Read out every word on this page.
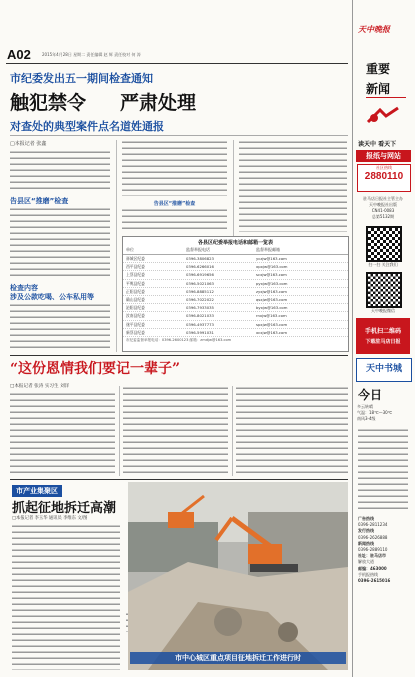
A02	2015年4月28日 星期二 责任编辑 赵 辉 责任校对 何 涛
天中晚报
重要
新闻
市纪委发出五一期间检查通知
触犯禁令 严肃处理
对查处的典型案件点名道姓通报
□本报记者 张鑫
告县区“推磨”检查
检查内容
涉及公款吃喝、公车私用等
告县区“推磨”检查
各县区纪委举报电话和邮箱一览表
单位	监督举报电话	监督举报邮箱
驿城区纪委	0396-3806823	yczjw@163.com
西平县纪委	0396-6266016	xpxjw@163.com
上蔡县纪委	0396-6919656	scxjw@163.com
平舆县纪委	0396-5021063	pyxjw@163.com
正阳县纪委	0396-8885112	zyxjw@163.com
确山县纪委	0396-7022022	qsxjw@163.com
泌阳县纪委	0396-7933035	byxjw@163.com
汝南县纪委	0396-8021033	rnxjw@163.com
遂平县纪委	0396-4937773	spxjw@163.com
新蔡县纪委	0396-5991031	xcxjw@163.com
市纪委监督举报电话：0396-2600123 邮箱：zmdjw@163.com
“这份恩情我们要记一辈子”
□本报记者 张涛 实习生 刘洋
市产业集聚区
抓起征地拆迁高潮
□本报记者 李玉华 通讯员 李维东 文/图
市中心城区重点项目征地拆迁工作进行时
读天中 看天下
报纸与网站
社区热线
2880110
驻马店日报社主管主办
天中晚报社出版
CN41-0083
总第5132期
扫一扫 关注我们
天中晚报微信
手机扫二维码
下载驻马店日报
天中书城
今日
多云转晴
气温：18℃—30℃
南风3-4级
广告热线
0396-2811234
发行热线
0396-2626888
新闻热线
0396-2889110
社址：驻马店市
解放大道
邮编：463000
手机报热线
0396-2615016
